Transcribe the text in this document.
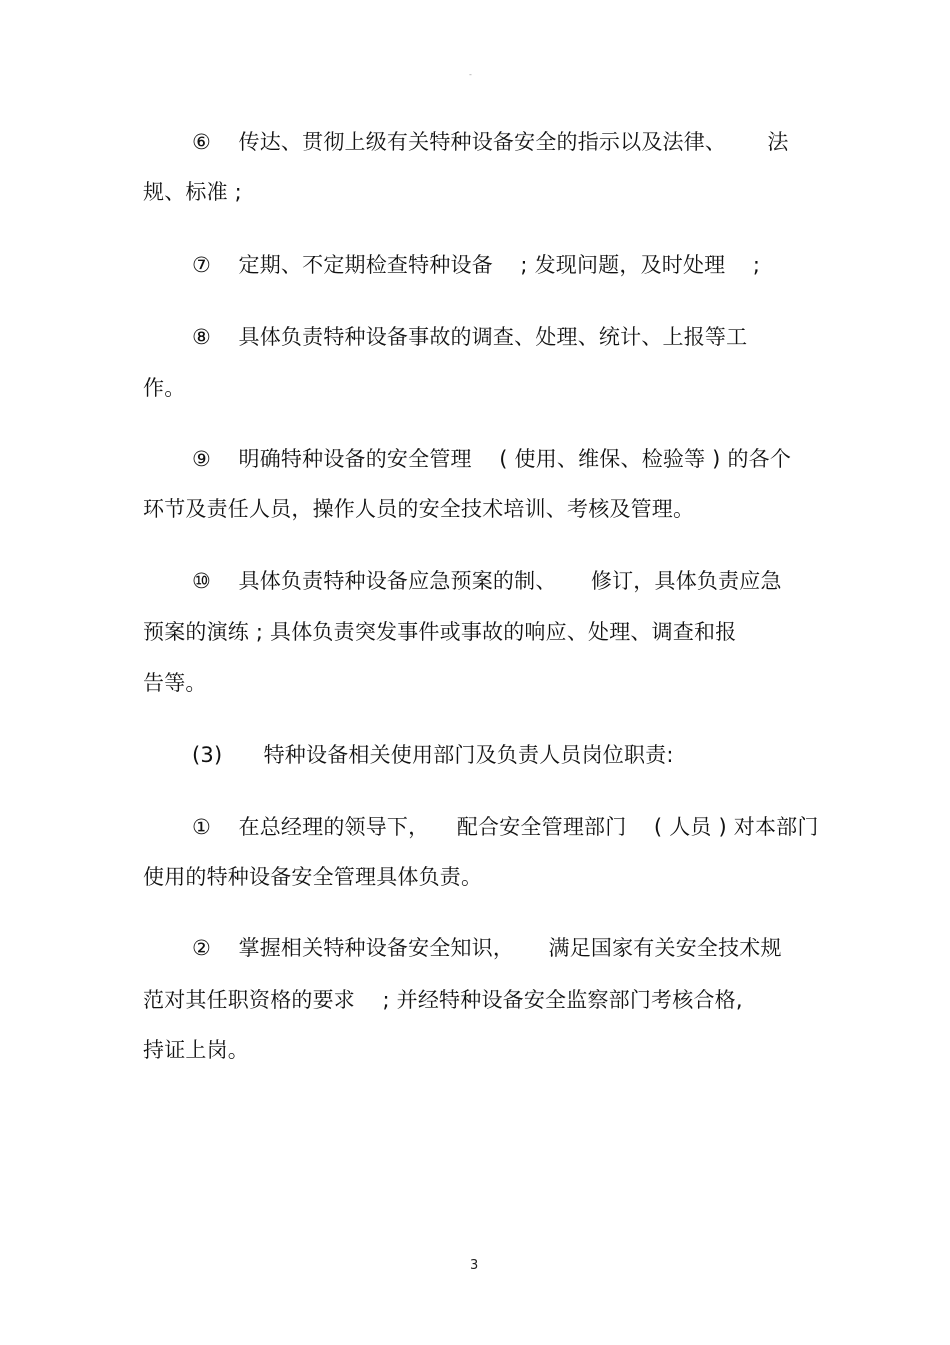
-
⑥    传达、贯彻上级有关特种设备安全的指示以及法律、      法
规、标准 ;
⑦    定期、不定期检查特种设备    ; 发现问题，及时处理    ;
⑧    具体负责特种设备事故的调查、处理、统计、上报等工
作。
⑨    明确特种设备的安全管理    ( 使用、维保、检验等 ) 的各个
环节及责任人员，操作人员的安全技术培训、考核及管理。
⑩    具体负责特种设备应急预案的制、     修订，具体负责应急
预案的演练 ; 具体负责突发事件或事故的响应、处理、调查和报
告等。
(3)      特种设备相关使用部门及负责人员岗位职责:
①    在总经理的领导下，    配合安全管理部门    ( 人员 ) 对本部门
使用的特种设备安全管理具体负责。
②    掌握相关特种设备安全知识，     满足国家有关安全技术规
范对其任职资格的要求    ; 并经特种设备安全监察部门考核合格,
持证上岗。
3
